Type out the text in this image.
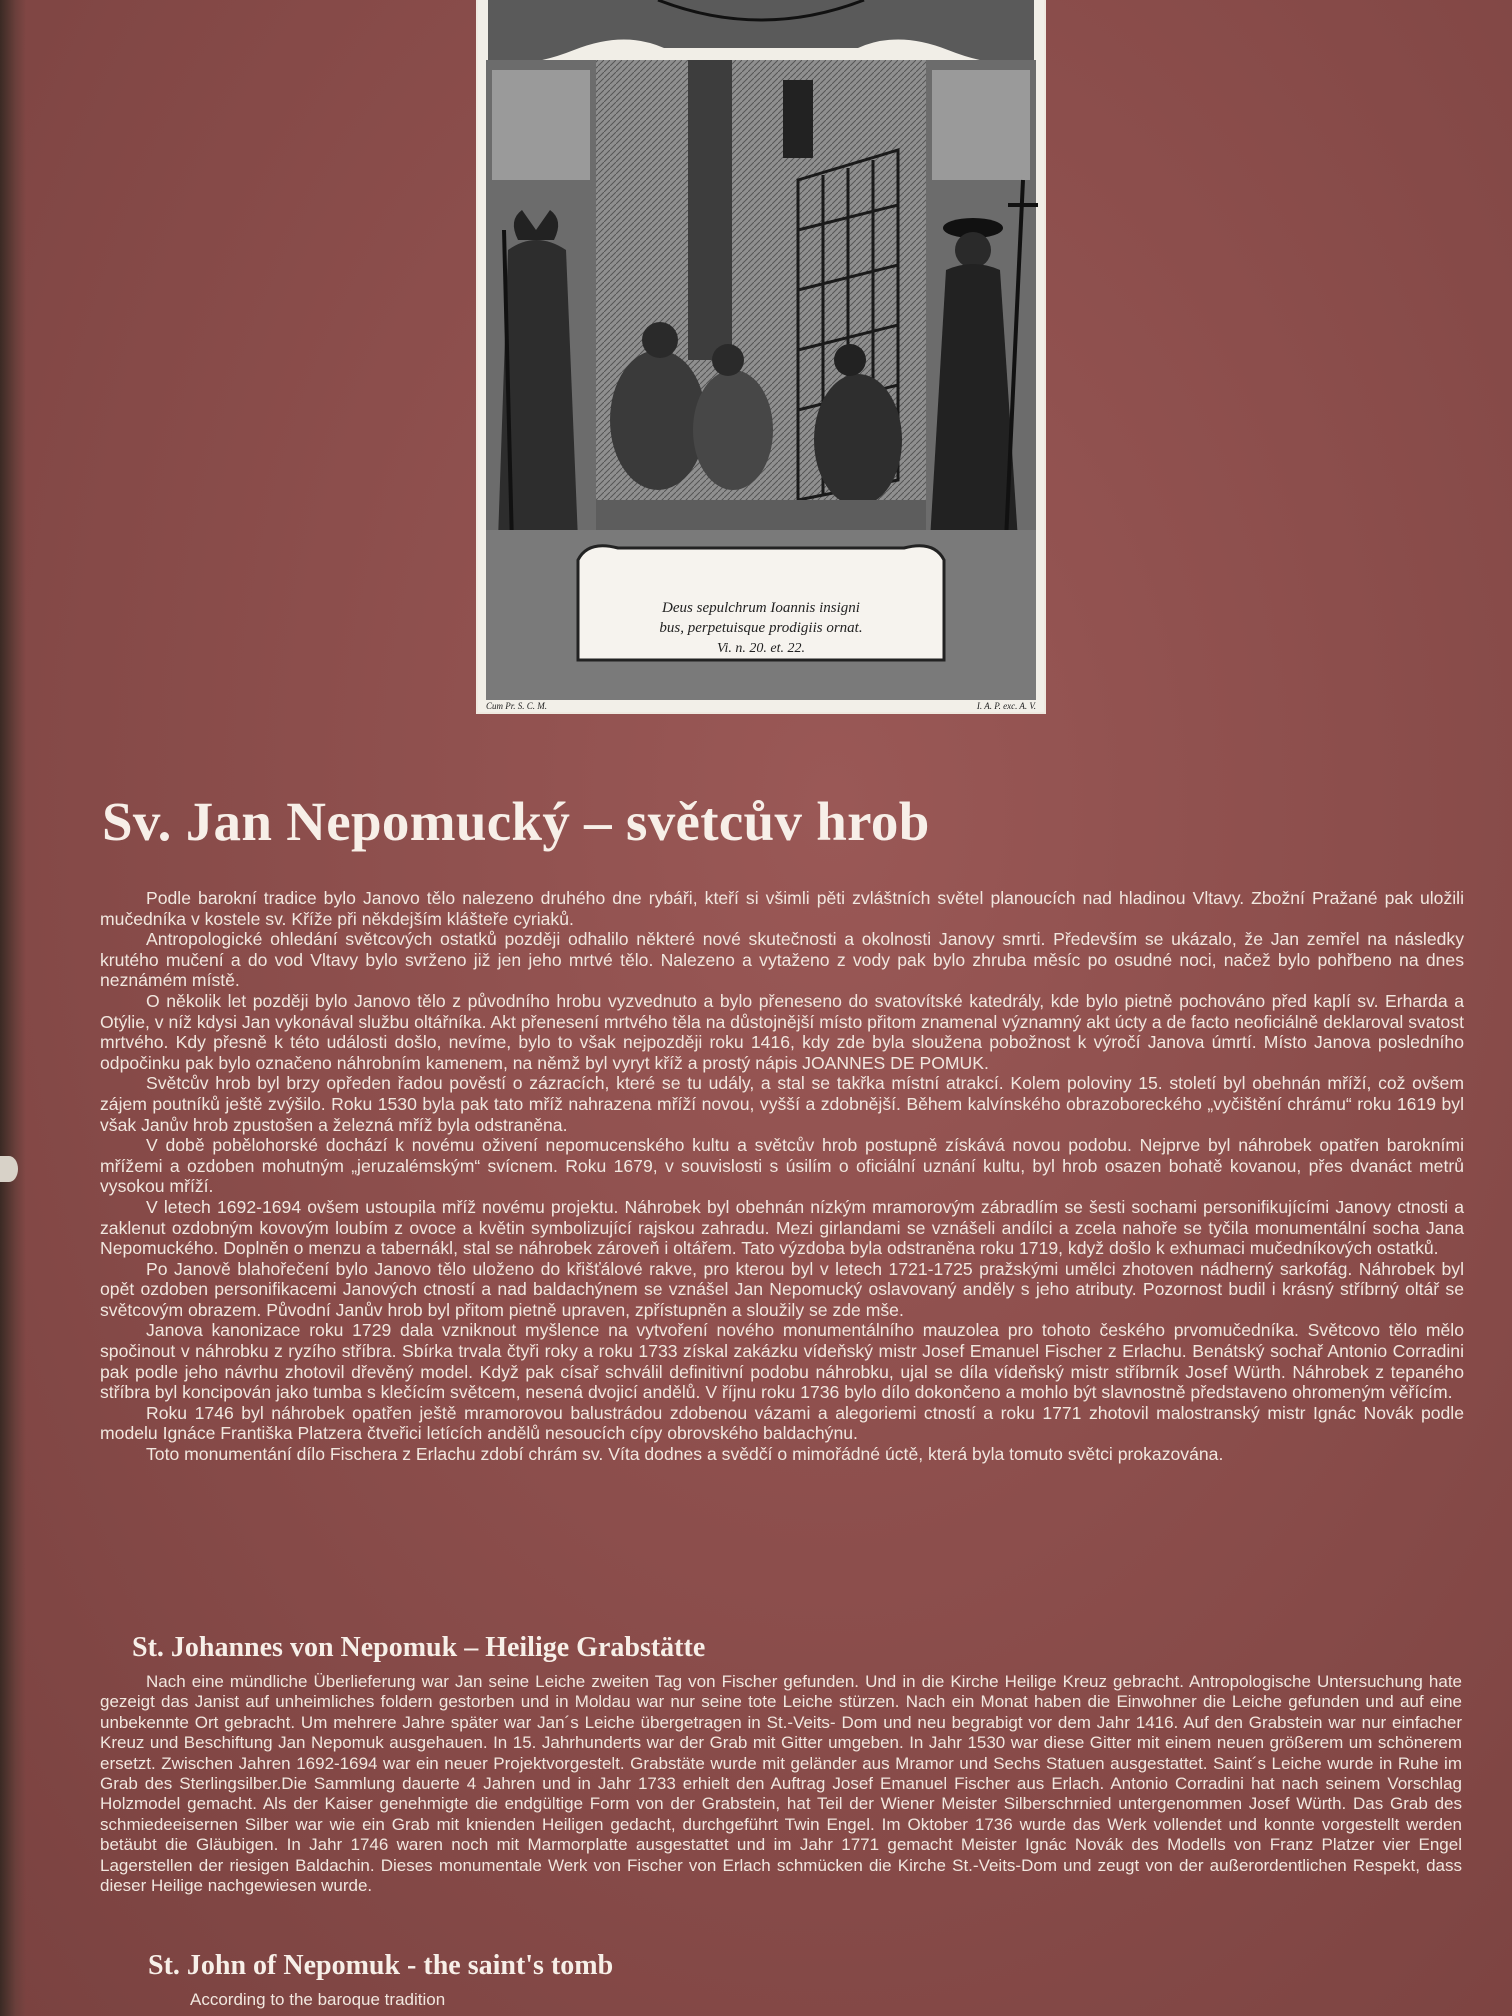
Deus sepulchrum Ioannis insigni
bus, perpetuisque prodigiis ornat.
Vi. n. 20. et. 22.
Cum Pr. S. C. M.	I. A. P. exc. A. V.
Sv. Jan Nepomucký – světcův hrob

Podle barokní tradice bylo Janovo tělo nalezeno druhého dne rybáři, kteří si všimli pěti zvláštních světel planoucích nad hladinou Vltavy. Zbožní Pražané pak uložili mučedníka v kostele sv. Kříže při někdejším klášteře cyriaků.

Antropologické ohledání světcových ostatků později odhalilo některé nové skutečnosti a okolnosti Janovy smrti. Především se ukázalo, že Jan zemřel na následky krutého mučení a do vod Vltavy bylo svrženo již jen jeho mrtvé tělo. Nalezeno a vytaženo z vody pak bylo zhruba měsíc po osudné noci, načež bylo pohřbeno na dnes neznámém místě.

O několik let později bylo Janovo tělo z původního hrobu vyzvednuto a bylo přeneseno do svatovítské katedrály, kde bylo pietně pochováno před kaplí sv. Erharda a Otýlie, v níž kdysi Jan vykonával službu oltářníka. Akt přenesení mrtvého těla na důstojnější místo přitom znamenal významný akt úcty a de facto neoficiálně deklaroval svatost mrtvého. Kdy přesně k této události došlo, nevíme, bylo to však nejpozději roku 1416, kdy zde byla sloužena pobožnost k výročí Janova úmrtí. Místo Janova posledního odpočinku pak bylo označeno náhrobním kamenem, na němž byl vyryt kříž a prostý nápis JOANNES DE POMUK.

Světcův hrob byl brzy opředen řadou pověstí o zázracích, které se tu udály, a stal se takřka místní atrakcí. Kolem poloviny 15. století byl obehnán mříží, což ovšem zájem poutníků ještě zvýšilo. Roku 1530 byla pak tato mříž nahrazena mříží novou, vyšší a zdobnější. Během kalvínského obrazoboreckého „vyčištění chrámu“ roku 1619 byl však Janův hrob zpustošen a železná mříž byla odstraněna.

V době pobělohorské dochází k novému oživení nepomucenského kultu a světcův hrob postupně získává novou podobu. Nejprve byl náhrobek opatřen barokními mřížemi a ozdoben mohutným „jeruzalémským“ svícnem. Roku 1679, v souvislosti s úsilím o oficiální uznání kultu, byl hrob osazen bohatě kovanou, přes dvanáct metrů vysokou mříží.

V letech 1692-1694 ovšem ustoupila mříž novému projektu. Náhrobek byl obehnán nízkým mramorovým zábradlím se šesti sochami personifikujícími Janovy ctnosti a zaklenut ozdobným kovovým loubím z ovoce a květin symbolizující rajskou zahradu. Mezi girlandami se vznášeli andílci a zcela nahoře se tyčila monumentální socha Jana Nepomuckého. Doplněn o menzu a tabernákl, stal se náhrobek zároveň i oltářem. Tato výzdoba byla odstraněna roku 1719, když došlo k exhumaci mučedníkových ostatků.

Po Janově blahořečení bylo Janovo tělo uloženo do křišťálové rakve, pro kterou byl v letech 1721-1725 pražskými umělci zhotoven nádherný sarkofág. Náhrobek byl opět ozdoben personifikacemi Janových ctností a nad baldachýnem se vznášel Jan Nepomucký oslavovaný anděly s jeho atributy. Pozornost budil i krásný stříbrný oltář se světcovým obrazem. Původní Janův hrob byl přitom pietně upraven, zpřístupněn a sloužily se zde mše.

Janova kanonizace roku 1729 dala vzniknout myšlence na vytvoření nového monumentálního mauzolea pro tohoto českého prvomučedníka. Světcovo tělo mělo spočinout v náhrobku z ryzího stříbra. Sbírka trvala čtyři roky a roku 1733 získal zakázku vídeňský mistr Josef Emanuel Fischer z Erlachu. Benátský sochař Antonio Corradini pak podle jeho návrhu zhotovil dřevěný model. Když pak císař schválil definitivní podobu náhrobku, ujal se díla vídeňský mistr stříbrník Josef Würth. Náhrobek z tepaného stříbra byl koncipován jako tumba s klečícím světcem, nesená dvojicí andělů. V říjnu roku 1736 bylo dílo dokončeno a mohlo být slavnostně představeno ohromeným věřícím.

Roku 1746 byl náhrobek opatřen ještě mramorovou balustrádou zdobenou vázami a alegoriemi ctností a roku 1771 zhotovil malostranský mistr Ignác Novák podle modelu Ignáce Františka Platzera čtveřici letících andělů nesoucích cípy obrovského baldachýnu.

Toto monumentání dílo Fischera z Erlachu zdobí chrám sv. Víta dodnes a svědčí o mimořádné úctě, která byla tomuto světci prokazována.

St. Johannes von Nepomuk – Heilige Grabstätte

Nach eine mündliche Überlieferung war Jan seine Leiche zweiten Tag von Fischer gefunden. Und in die Kirche Heilige Kreuz gebracht. Antropologische Untersuchung hate gezeigt das Janist auf unheimliches foldern gestorben und in Moldau war nur seine tote Leiche stürzen. Nach ein Monat haben die Einwohner die Leiche gefunden und auf eine unbekennte Ort gebracht. Um mehrere Jahre später war Jan´s Leiche übergetragen in St.-Veits- Dom und neu begrabigt vor dem Jahr 1416. Auf den Grabstein war nur einfacher Kreuz und Beschiftung Jan Nepomuk ausgehauen. In 15. Jahrhunderts war der Grab mit Gitter umgeben. In Jahr 1530 war diese Gitter mit einem neuen größerem um schönerem ersetzt. Zwischen Jahren 1692-1694 war ein neuer Projektvorgestelt. Grabstäte wurde mit geländer aus Mramor und Sechs Statuen ausgestattet. Saint´s Leiche wurde in Ruhe im Grab des Sterlingsilber.Die Sammlung dauerte 4 Jahren und in Jahr 1733 erhielt den Auftrag Josef Emanuel Fischer aus Erlach. Antonio Corradini hat nach seinem Vorschlag Holzmodel gemacht. Als der Kaiser genehmigte die endgültige Form von der Grabstein, hat Teil der Wiener Meister Silberschrnied untergenommen Josef Würth. Das Grab des schmiedeeisernen Silber war wie ein Grab mit knienden Heiligen gedacht, durchgeführt Twin Engel. Im Oktober 1736 wurde das Werk vollendet und konnte vorgestellt werden betäubt die Gläubigen. In Jahr 1746 waren noch mit Marmorplatte ausgestattet und im Jahr 1771 gemacht Meister Ignác Novák des Modells von Franz Platzer vier Engel Lagerstellen der riesigen Baldachin. Dieses monumentale Werk von Fischer von Erlach schmücken die Kirche St.-Veits-Dom und zeugt von der außerordentlichen Respekt, dass dieser Heilige nachgewiesen wurde.

St. John of Nepomuk - the saint's tomb

According to the baroque tradition
